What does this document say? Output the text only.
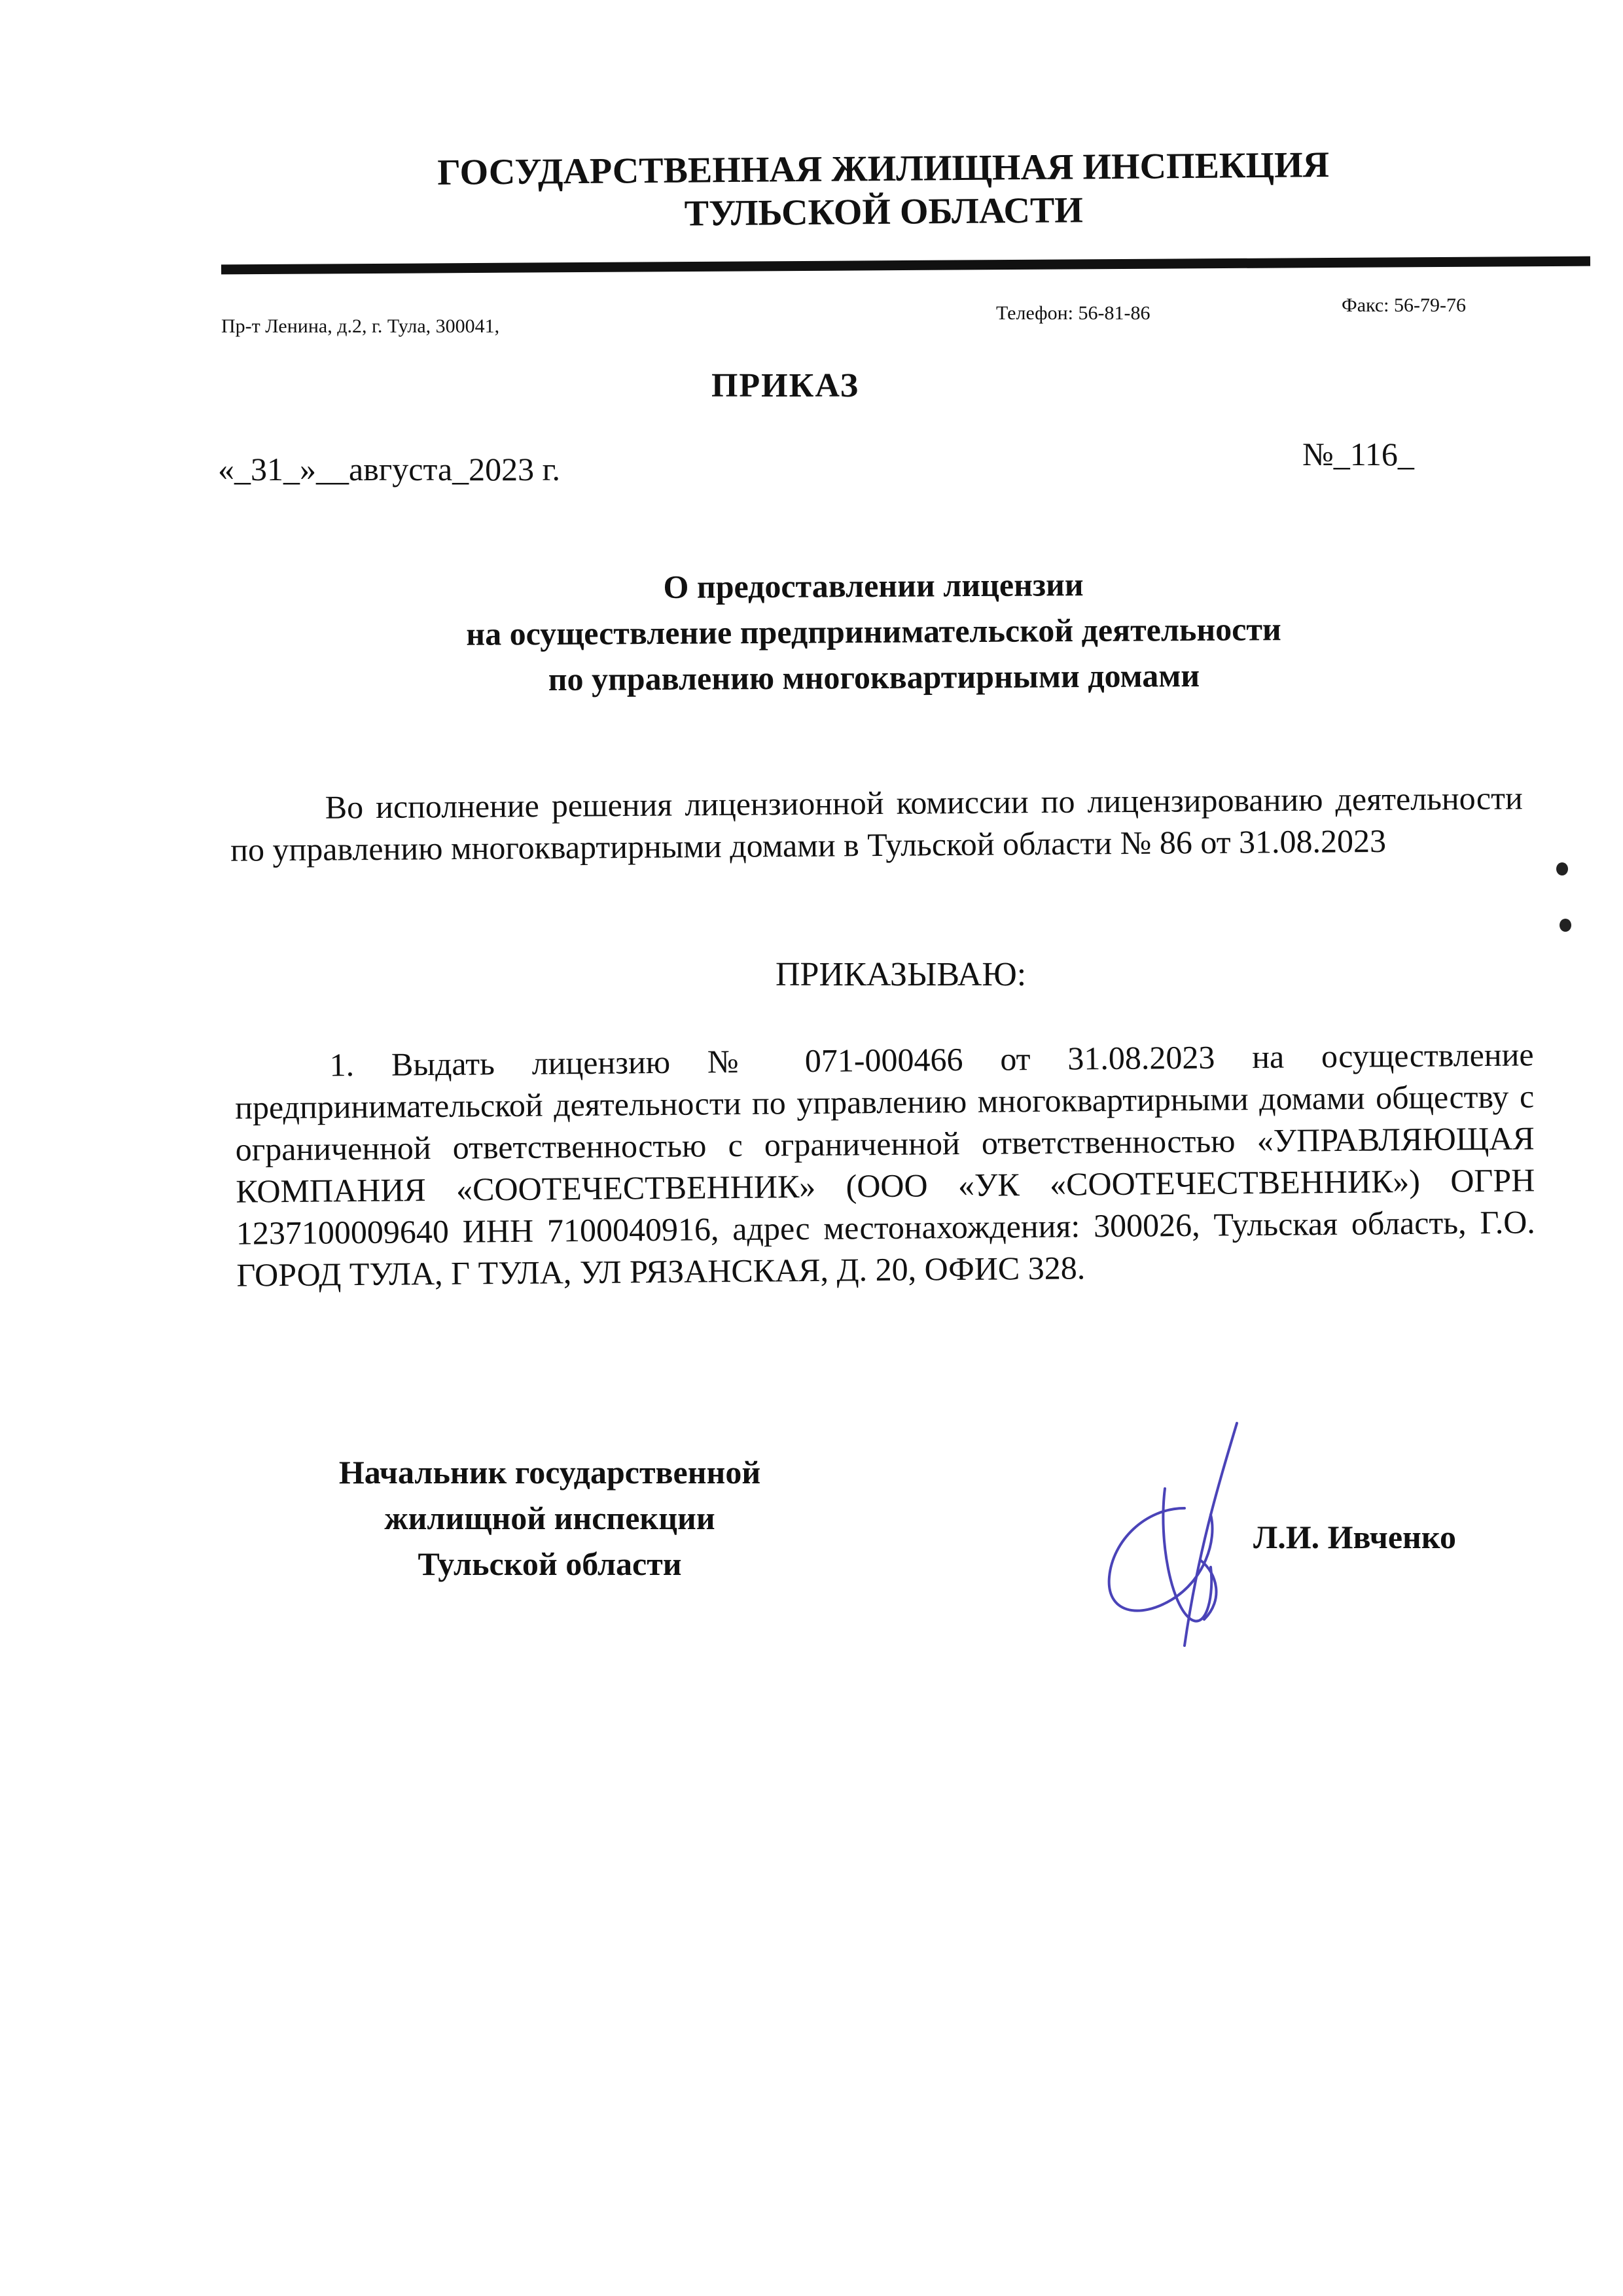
ГОСУДАРСТВЕННАЯ ЖИЛИЩНАЯ ИНСПЕКЦИЯ
ТУЛЬСКОЙ ОБЛАСТИ
Пр-т Ленина, д.2, г. Тула, 300041,
Телефон: 56-81-86	Факс: 56-79-76
ПРИКАЗ
«_31_»__августа_2023 г.	№_116_
О предоставлении лицензии
на осуществление предпринимательской деятельности
по управлению многоквартирными домами
Во исполнение решения лицензионной комиссии по лицензированию деятельности по управлению многоквартирными домами в Тульской области № 86 от 31.08.2023
ПРИКАЗЫВАЮ:
1. Выдать лицензию № 071-000466 от 31.08.2023 на осуществление предпринимательской деятельности по управлению многоквартирными домами обществу с ограниченной ответственностью с ограниченной ответственностью «УПРАВЛЯЮЩАЯ КОМПАНИЯ «СООТЕЧЕСТВЕННИК» (ООО «УК «СООТЕЧЕСТВЕННИК») ОГРН 1237100009640 ИНН 7100040916, адрес местонахождения: 300026, Тульская область, Г.О. ГОРОД ТУЛА, Г ТУЛА, УЛ РЯЗАНСКАЯ, Д. 20, ОФИС 328.
Начальник государственной
жилищной инспекции
Тульской области
Л.И. Ивченко
